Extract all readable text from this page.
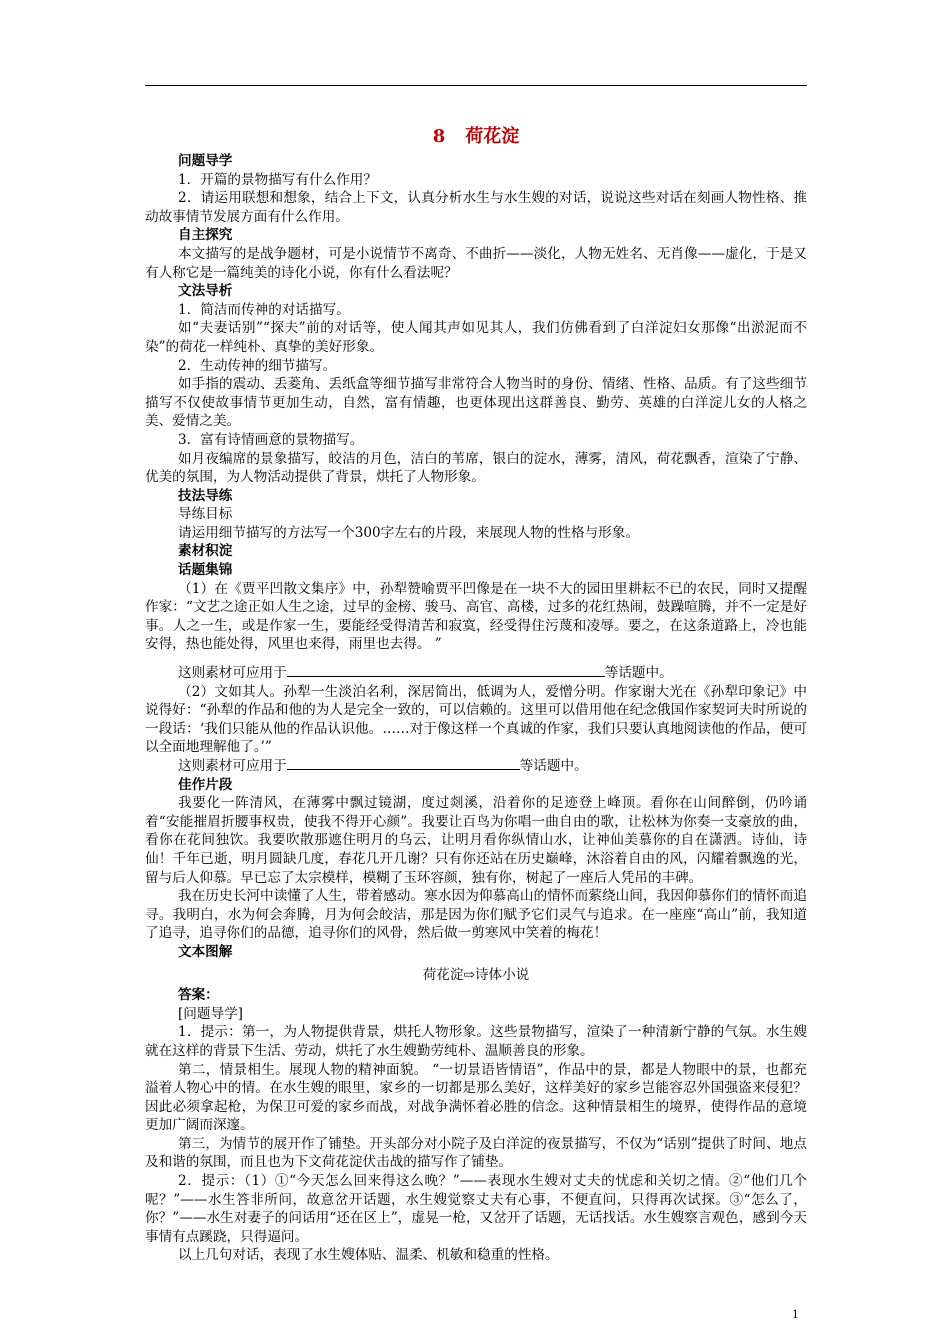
8 荷花淀
问题导学

1．开篇的景物描写有什么作用？

2．请运用联想和想象，结合上下文，认真分析水生与水生嫂的对话，说说这些对话在刻画人物性格、推动故事情节发展方面有什么作用。

自主探究

本文描写的是战争题材，可是小说情节不离奇、不曲折——淡化，人物无姓名、无肖像——虚化，于是又有人称它是一篇纯美的诗化小说，你有什么看法呢？

文法导析

1．简洁而传神的对话描写。

如“夫妻话别”“探夫”前的对话等，使人闻其声如见其人，我们仿佛看到了白洋淀妇女那像“出淤泥而不染”的荷花一样纯朴、真挚的美好形象。

2．生动传神的细节描写。

如手指的震动、丢菱角、丢纸盒等细节描写非常符合人物当时的身份、情绪、性格、品质。有了这些细节描写不仅使故事情节更加生动，自然，富有情趣，也更体现出这群善良、勤劳、英雄的白洋淀儿女的人格之美、爱情之美。

3．富有诗情画意的景物描写。

如月夜编席的景象描写，皎洁的月色，洁白的苇席，银白的淀水，薄雾，清风，荷花飘香，渲染了宁静、优美的氛围，为人物活动提供了背景，烘托了人物形象。

技法导练
导练目标

请运用细节描写的方法写一个300字左右的片段，来展现人物的性格与形象。

素材积淀
话题集锦

（1）在《贾平凹散文集序》中，孙犁赞喻贾平凹像是在一块不大的园田里耕耘不已的农民，同时又提醒作家：“文艺之途正如人生之途，过早的金榜、骏马、高官、高楼，过多的花红热闹，鼓躁喧腾，并不一定是好事。人之一生，或是作家一生，要能经受得清苦和寂寞，经受得住污蔑和凌辱。要之，在这条道路上，冷也能安得，热也能处得，风里也来得，雨里也去得。 ”

这则素材可应用于	等话题中。

（2）文如其人。孙犁一生淡泊名利，深居简出，低调为人，爱憎分明。作家谢大光在《孙犁印象记》中说得好：“孙犁的作品和他的为人是完全一致的，可以信赖的。这里可以借用他在纪念俄国作家契诃夫时所说的一段话：‘我们只能从他的作品认识他。……对于像这样一个真诚的作家，我们只要认真地阅读他的作品，便可以全面地理解他了。’”

这则素材可应用于	等话题中。

佳作片段

我要化一阵清风，在薄雾中飘过镜湖，度过剡溪，沿着你的足迹登上峰顶。看你在山间醉倒，仍吟诵着“安能摧眉折腰事权贵，使我不得开心颜”。我要让百鸟为你唱一曲自由的歌，让松林为你奏一支豪放的曲，看你在花间独饮。我要吹散那遮住明月的乌云，让明月看你纵情山水，让神仙美慕你的自在潇洒。诗仙，诗仙！千年已逝，明月圆缺几度，春花几开几谢？只有你还站在历史巅峰，沐浴着自由的风，闪耀着飘逸的光，留与后人仰慕。早已忘了太宗模样，模糊了玉环容颜，独有你，树起了一座后人凭吊的丰碑。

我在历史长河中读懂了人生，带着感动。寒水因为仰慕高山的情怀而萦绕山间，我因仰慕你们的情怀而追寻。我明白，水为何会奔腾，月为何会皎洁，那是因为你们赋予它们灵气与追求。在一座座“高山”前，我知道了追寻，追寻你们的品德，追寻你们的风骨，然后做一剪寒风中笑着的梅花！

文本图解
荷花淀⇨诗体小说
答案：
[问题导学]

1．提示：第一，为人物提供背景，烘托人物形象。这些景物描写，渲染了一种清新宁静的气氛。水生嫂就在这样的背景下生活、劳动，烘托了水生嫂勤劳纯朴、温顺善良的形象。

第二，情景相生。展现人物的精神面貌。 “一切景语皆情语”，作品中的景，都是人物眼中的景，也都充溢着人物心中的情。在水生嫂的眼里，家乡的一切都是那么美好，这样美好的家乡岂能容忍外国强盗来侵犯？因此必须拿起枪，为保卫可爱的家乡而战，对战争满怀着必胜的信念。这种情景相生的境界，使得作品的意境更加广阔而深邃。

第三，为情节的展开作了铺垫。开头部分对小院子及白洋淀的夜景描写，不仅为“话别”提供了时间、地点及和谐的氛围，而且也为下文荷花淀伏击战的描写作了铺垫。

2．提示：（1）①“今天怎么回来得这么晚？”——表现水生嫂对丈夫的忧虑和关切之情。②“他们几个呢？”——水生答非所问，故意岔开话题，水生嫂觉察丈夫有心事，不便直问，只得再次试探。③“怎么了，你？”——水生对妻子的问话用“还在区上”，虚晃一枪，又岔开了话题，无话找话。水生嫂察言观色，感到今天事情有点蹊跷，只得逼问。

以上几句对话，表现了水生嫂体贴、温柔、机敏和稳重的性格。

1
